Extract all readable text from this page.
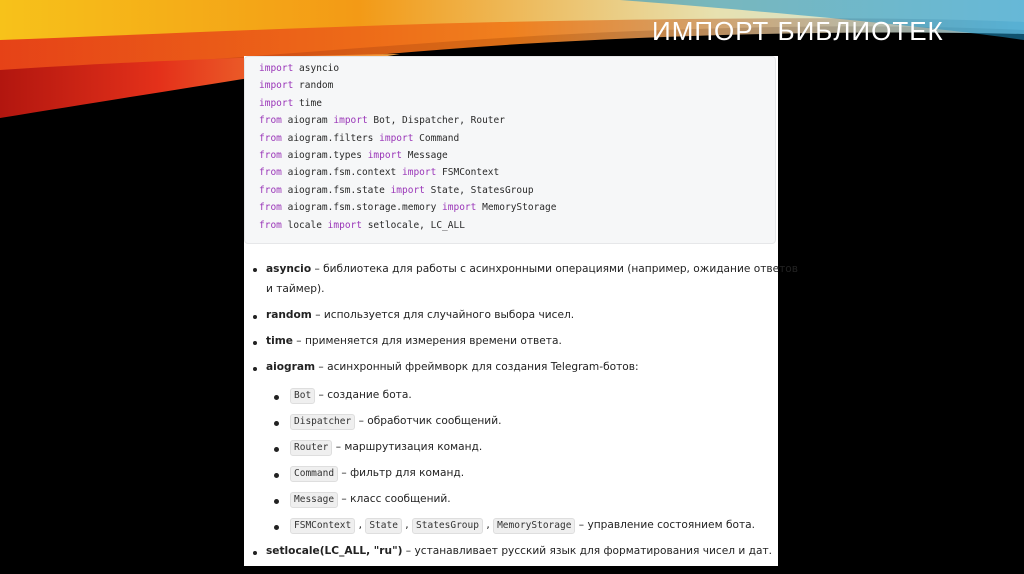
ИМПОРТ БИБЛИОТЕК
import asyncio
import random
import time
from aiogram import Bot, Dispatcher, Router
from aiogram.filters import Command
from aiogram.types import Message
from aiogram.fsm.context import FSMContext
from aiogram.fsm.state import State, StatesGroup
from aiogram.fsm.storage.memory import MemoryStorage
from locale import setlocale, LC_ALL
asyncio – библиотека для работы с асинхронными операциями (например, ожидание ответов
и таймер).
random – используется для случайного выбора чисел.
time – применяется для измерения времени ответа.
aiogram – асинхронный фреймворк для создания Telegram-ботов:
Bot – создание бота.
Dispatcher – обработчик сообщений.
Router – маршрутизация команд.
Command – фильтр для команд.
Message – класс сообщений.
FSMContext , State , StatesGroup , MemoryStorage – управление состоянием бота.
setlocale(LC_ALL, "ru") – устанавливает русский язык для форматирования чисел и дат.
